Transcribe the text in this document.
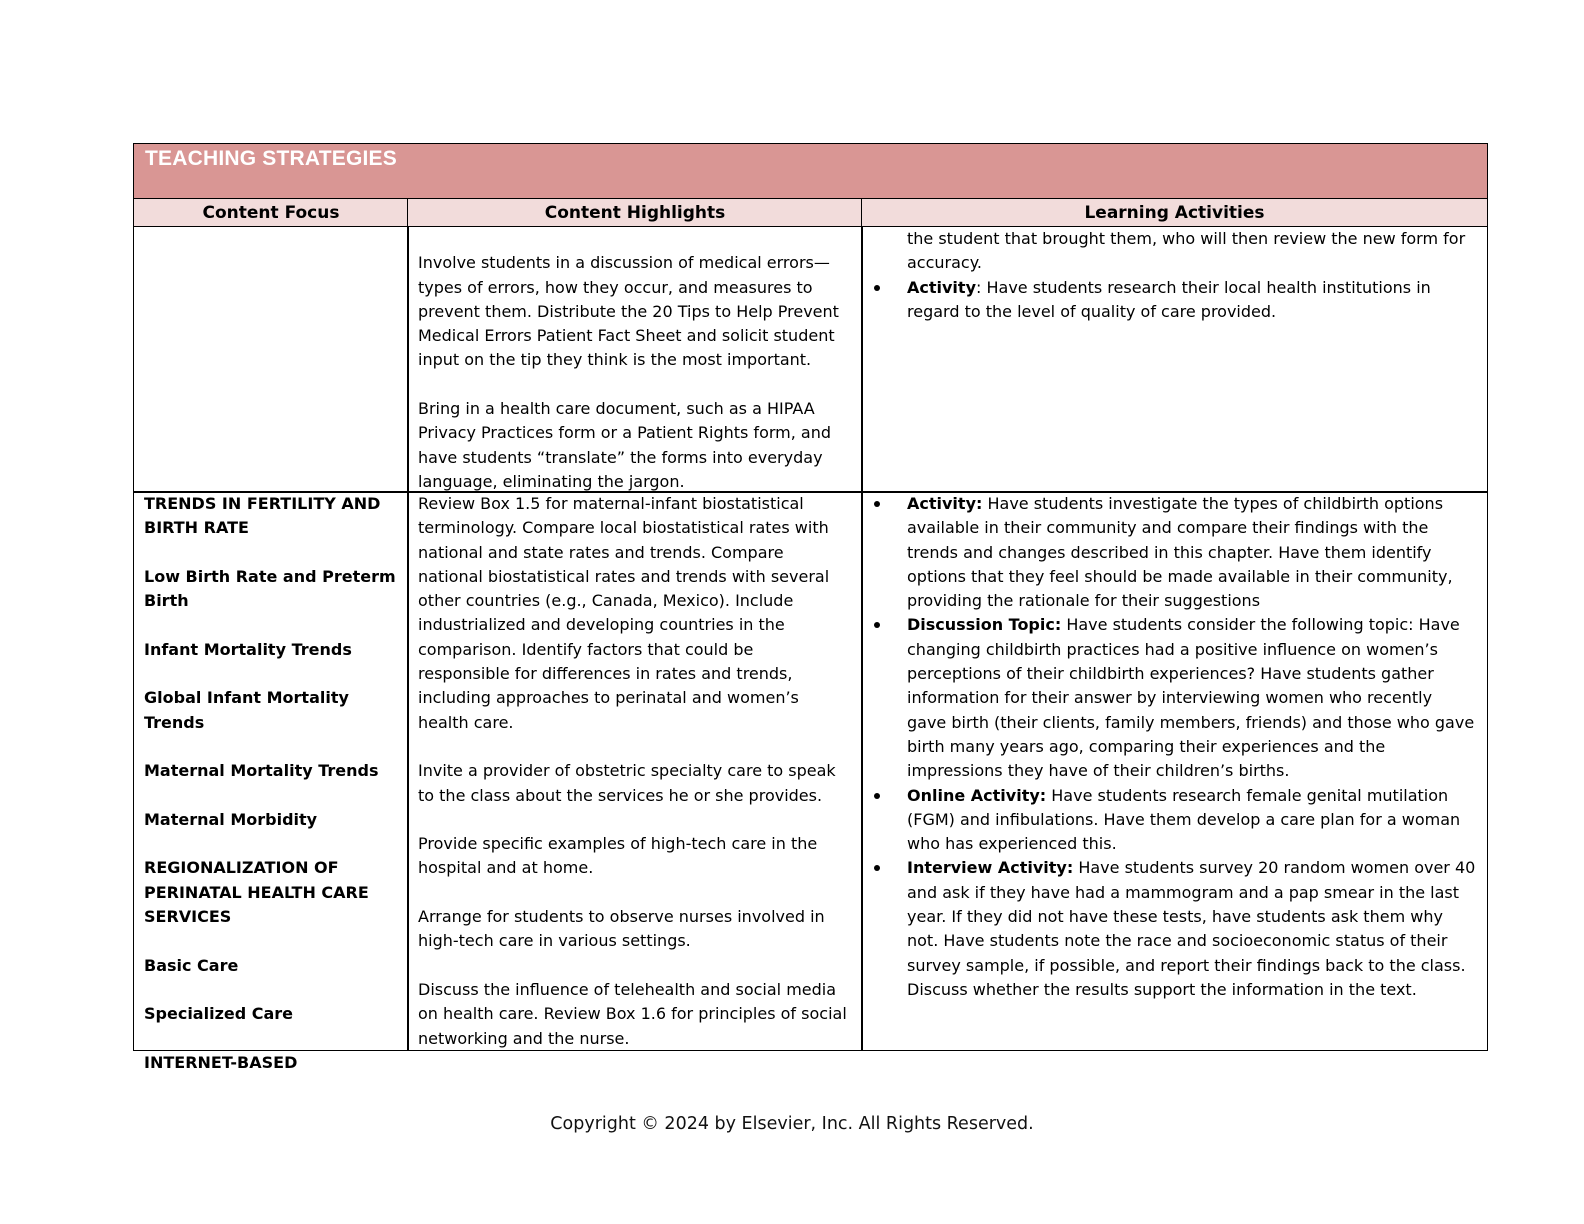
TEACHING STRATEGIES
Content Focus	Content Highlights	Learning Activities

Involve students in a discussion of medical errors—

types of errors, how they occur, and measures to

prevent them. Distribute the 20 Tips to Help Prevent

Medical Errors Patient Fact Sheet and solicit student

input on the tip they think is the most important.

Bring in a health care document, such as a HIPAA

Privacy Practices form or a Patient Rights form, and

have students “translate” the forms into everyday

language, eliminating the jargon.

the student that brought them, who will then review the new form for

accuracy.

Activity: Have students research their local health institutions in

regard to the level of quality of care provided.

TRENDS IN FERTILITY AND

BIRTH RATE

Low Birth Rate and Preterm

Birth

Infant Mortality Trends

Global Infant Mortality Trends

Maternal Mortality Trends

Maternal Morbidity

REGIONALIZATION OF

PERINATAL HEALTH CARE

SERVICES

Basic Care

Specialized Care

INTERNET-BASED

Review Box 1.5 for maternal-infant biostatistical

terminology. Compare local biostatistical rates with

national and state rates and trends. Compare

national biostatistical rates and trends with several

other countries (e.g., Canada, Mexico). Include

industrialized and developing countries in the

comparison. Identify factors that could be

responsible for differences in rates and trends,

including approaches to perinatal and women’s

health care.

Invite a provider of obstetric specialty care to speak

to the class about the services he or she provides.

Provide specific examples of high-tech care in the

hospital and at home.

Arrange for students to observe nurses involved in

high-tech care in various settings.

Discuss the influence of telehealth and social media

on health care. Review Box 1.6 for principles of social

networking and the nurse.

Activity: Have students investigate the types of childbirth options

available in their community and compare their findings with the

trends and changes described in this chapter. Have them identify

options that they feel should be made available in their community,

providing the rationale for their suggestions

Discussion Topic: Have students consider the following topic: Have

changing childbirth practices had a positive influence on women’s

perceptions of their childbirth experiences? Have students gather

information for their answer by interviewing women who recently

gave birth (their clients, family members, friends) and those who gave

birth many years ago, comparing their experiences and the

impressions they have of their children’s births.

Online Activity: Have students research female genital mutilation

(FGM) and infibulations. Have them develop a care plan for a woman

who has experienced this.

Interview Activity: Have students survey 20 random women over 40

and ask if they have had a mammogram and a pap smear in the last

year. If they did not have these tests, have students ask them why

not. Have students note the race and socioeconomic status of their

survey sample, if possible, and report their findings back to the class.

Discuss whether the results support the information in the text.

Copyright © 2024 by Elsevier, Inc. All Rights Reserved.
